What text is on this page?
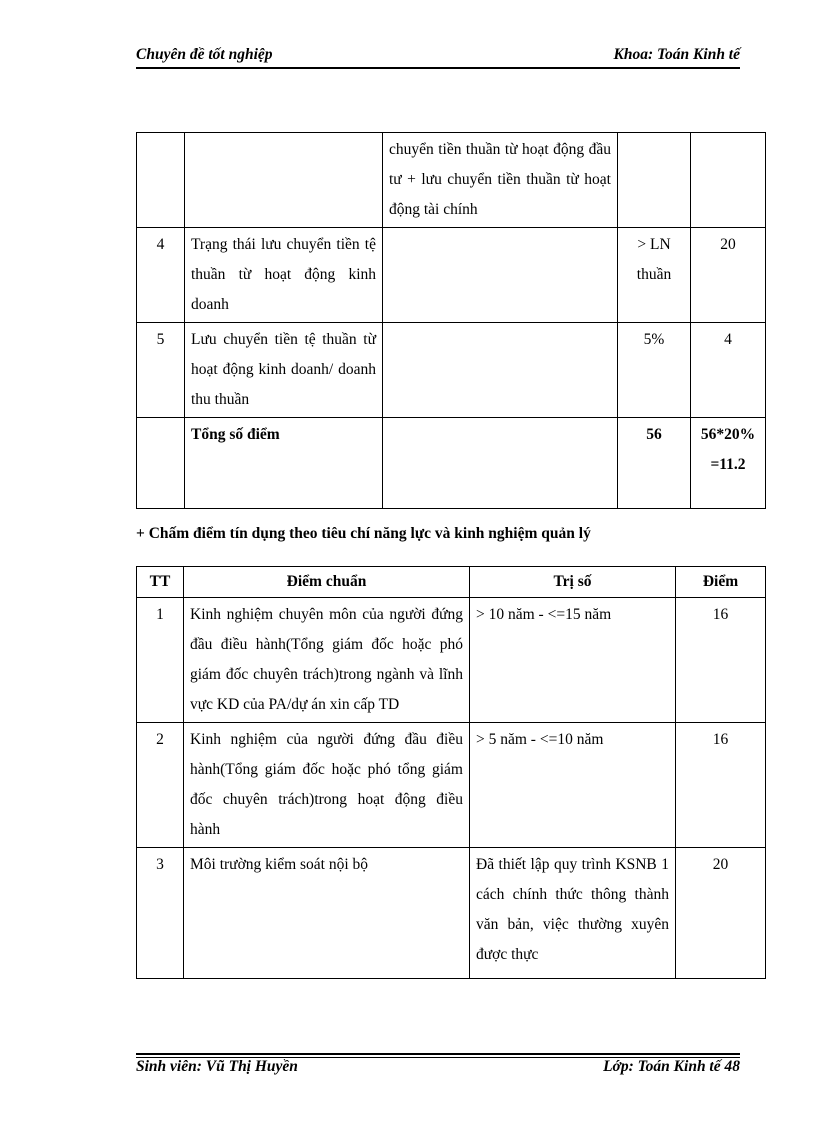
Chuyên đề tốt nghiệp	Khoa: Toán Kinh tế
		chuyển tiền thuần từ hoạt động đầu tư + lưu chuyển tiền thuần từ hoạt động tài chính		
4	Trạng thái lưu chuyển tiền tệ thuần từ hoạt động kinh doanh		> LN thuần	20
5	Lưu chuyển tiền tệ thuần từ hoạt động kinh doanh/ doanh thu thuần		5%	4
	Tổng số điểm		56	56*20%=11.2
+ Chấm điểm tín dụng theo tiêu chí năng lực và kinh nghiệm quản lý
TT	Điểm chuẩn	Trị số	Điểm
1	Kinh nghiệm chuyên môn của người đứng đầu điều hành(Tổng giám đốc hoặc phó giám đốc chuyên trách)trong ngành và lĩnh vực KD của PA/dự án xin cấp TD	> 10 năm - <=15 năm	16
2	Kinh nghiệm của người đứng đầu điều hành(Tổng giám đốc hoặc phó tổng giám đốc chuyên trách)trong hoạt động điều hành	> 5 năm - <=10 năm	16
3	Môi trường kiểm soát nội bộ	Đã thiết lập quy trình KSNB 1 cách chính thức thông thành văn bản, việc thường xuyên được thực	20
Sinh viên: Vũ Thị Huyền	Lớp: Toán Kinh tế 48
